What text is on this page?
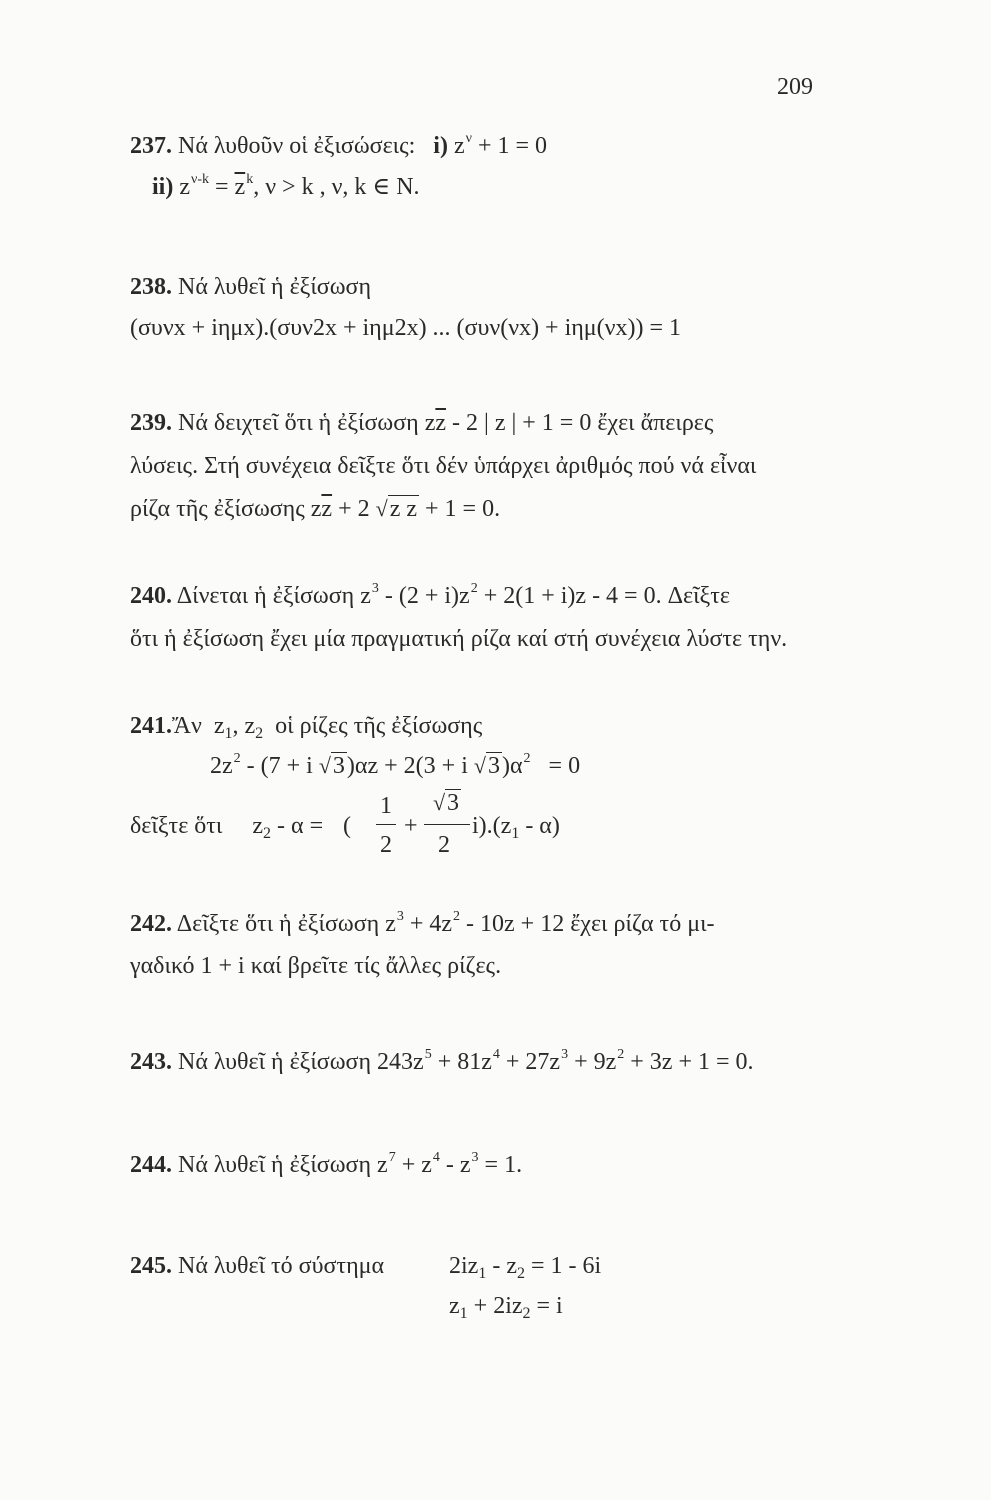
209
237. Νά λυθοῦν οἱ ἐξισώσεις: i) $z^\nu + 1 = 0$
ii) $z^{\nu-k} = \overline{z}^k$, ν > k , ν, k ∈ N.
238. Νά λυθεῖ ἡ ἐξίσωση
(συνx + iημx).(συν2x + iημ2x) ... (συν(νx) + iημ(νx)) = 1
239. Νά δειχτεῖ ὅτι ἡ ἐξίσωση $z\overline{z} - 2$ | z | + 1 = 0 ἔχει ἄπειρες
λύσεις. Στή συνέχεια δεῖξτε ὅτι δέν ὑπάρχει ἀριθμός πού νά εἶναι
ρίζα τῆς ἐξίσωσης $z\overline{z} + 2$ √z z + 1 = 0.
240. Δίνεται ἡ ἐξίσωση $z^3 - (2 + i)z^2 + 2(1 + i)z - 4 = 0$. Δεῖξτε
ὅτι ἡ ἐξίσωση ἔχει μία πραγματική ρίζα καί στή συνέχεια λύστε την.
241.Ἄν $z_1$, $z_2$ οἱ ρίζες τῆς ἐξίσωσης
$2z^2 - (7 + i$ √3)αz + 2(3 + i $√3)\alpha^2 = 0$
δεῖξτε ὅτι $z_2$ - α = (
1
2
+
√3
2
$i).(z_1 - \alpha)$
242. Δεῖξτε ὅτι ἡ ἐξίσωση $z^3 + 4z^2 - 10z + 12$ ἔχει ρίζα τό μι-
γαδικό 1 + i καί βρεῖτε τίς ἄλλες ρίζες.
243. Νά λυθεῖ ἡ ἐξίσωση $243z^5 + 81z^4 + 27z^3 + 9z^2 + 3z + 1 = 0$.
244. Νά λυθεῖ ἡ ἐξίσωση $z^7 + z^4 - z^3 = 1$.
245. Νά λυθεῖ τό σύστημα	$2iz_1 - z_2 = 1 - 6i$
$z_1 + 2iz_2 = i$
